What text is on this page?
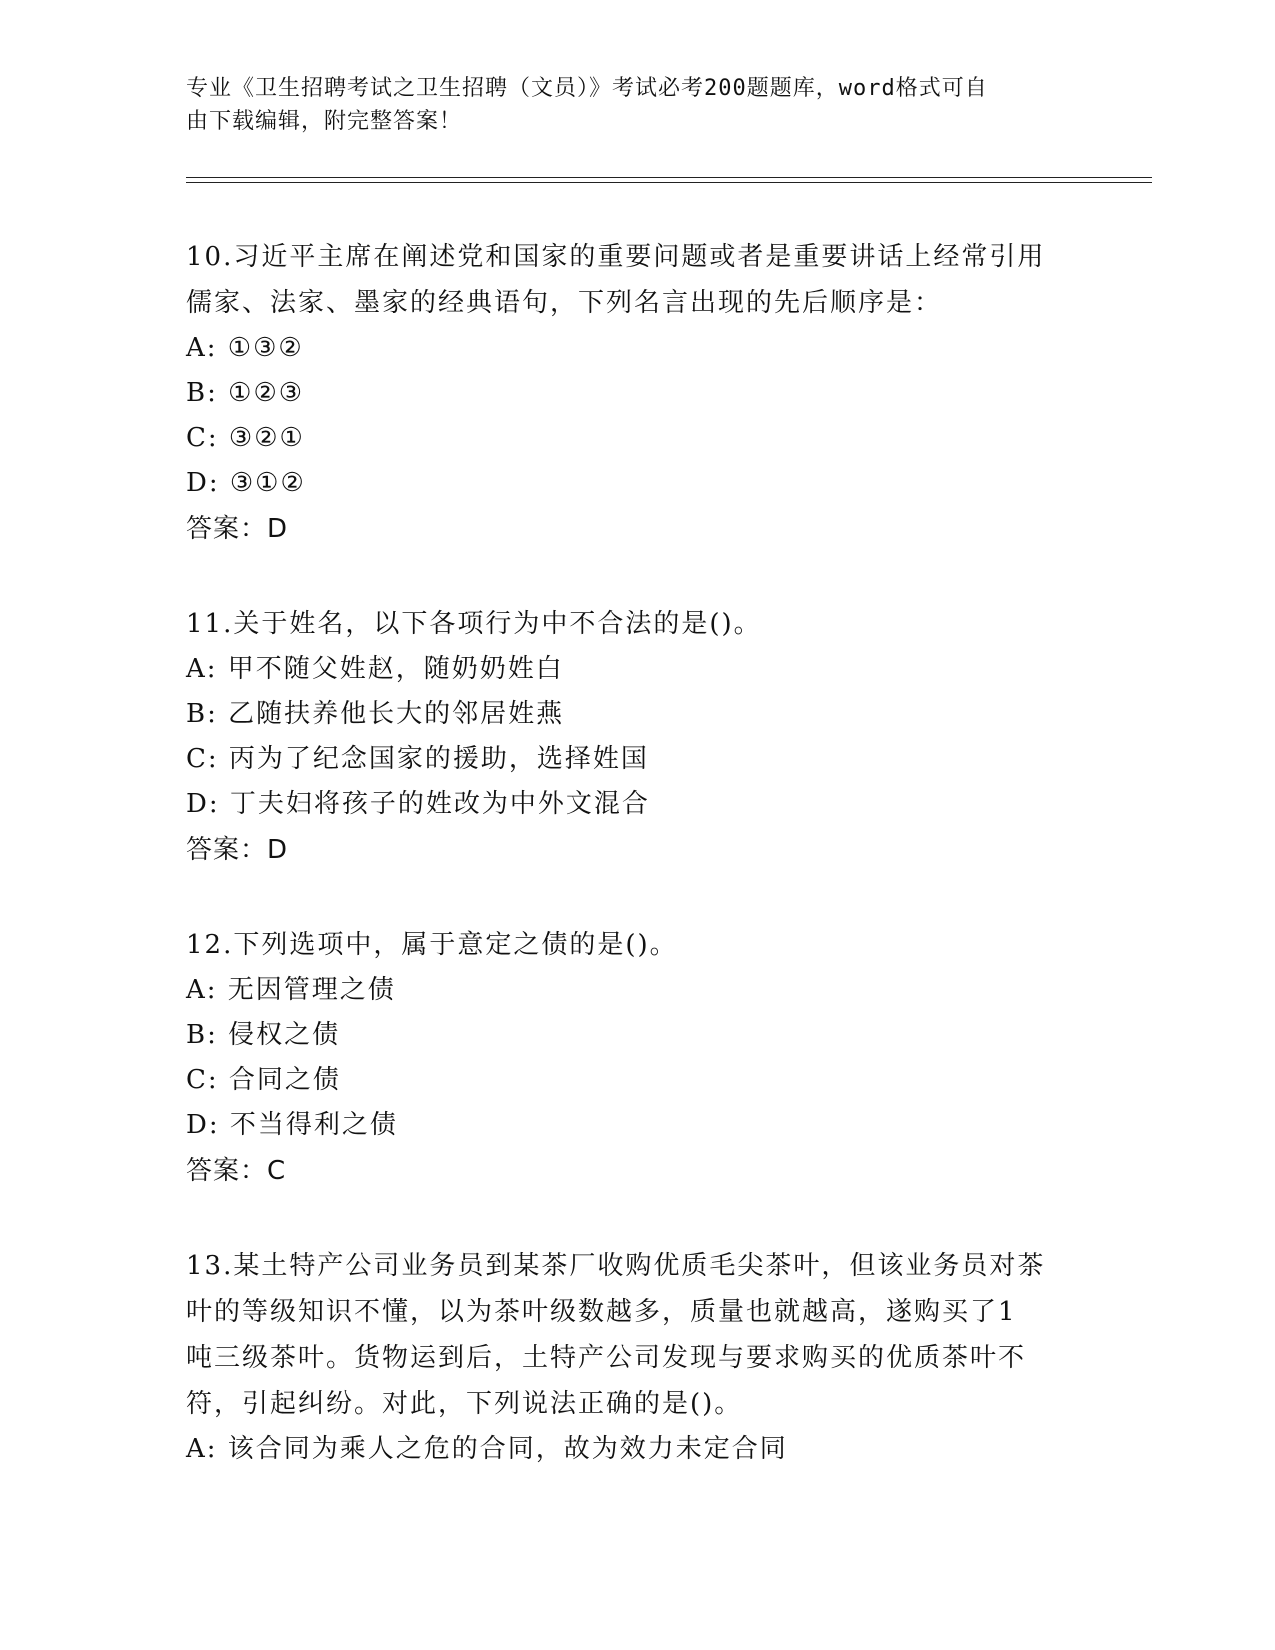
专业《卫生招聘考试之卫生招聘（文员）》考试必考200题题库，word格式可自
由下载编辑，附完整答案！
10.习近平主席在阐述党和国家的重要问题或者是重要讲话上经常引用
儒家、法家、墨家的经典语句，下列名言出现的先后顺序是：
A: ①③②
B: ①②③
C: ③②①
D: ③①②
答案：D
11.关于姓名，以下各项行为中不合法的是()。
A: 甲不随父姓赵，随奶奶姓白
B: 乙随扶养他长大的邻居姓燕
C: 丙为了纪念国家的援助，选择姓国
D: 丁夫妇将孩子的姓改为中外文混合
答案：D
12.下列选项中，属于意定之债的是()。
A: 无因管理之债
B: 侵权之债
C: 合同之债
D: 不当得利之债
答案：C
13.某土特产公司业务员到某茶厂收购优质毛尖茶叶，但该业务员对茶
叶的等级知识不懂，以为茶叶级数越多，质量也就越高，遂购买了1
吨三级茶叶。货物运到后，土特产公司发现与要求购买的优质茶叶不
符，引起纠纷。对此，下列说法正确的是()。
A: 该合同为乘人之危的合同，故为效力未定合同
